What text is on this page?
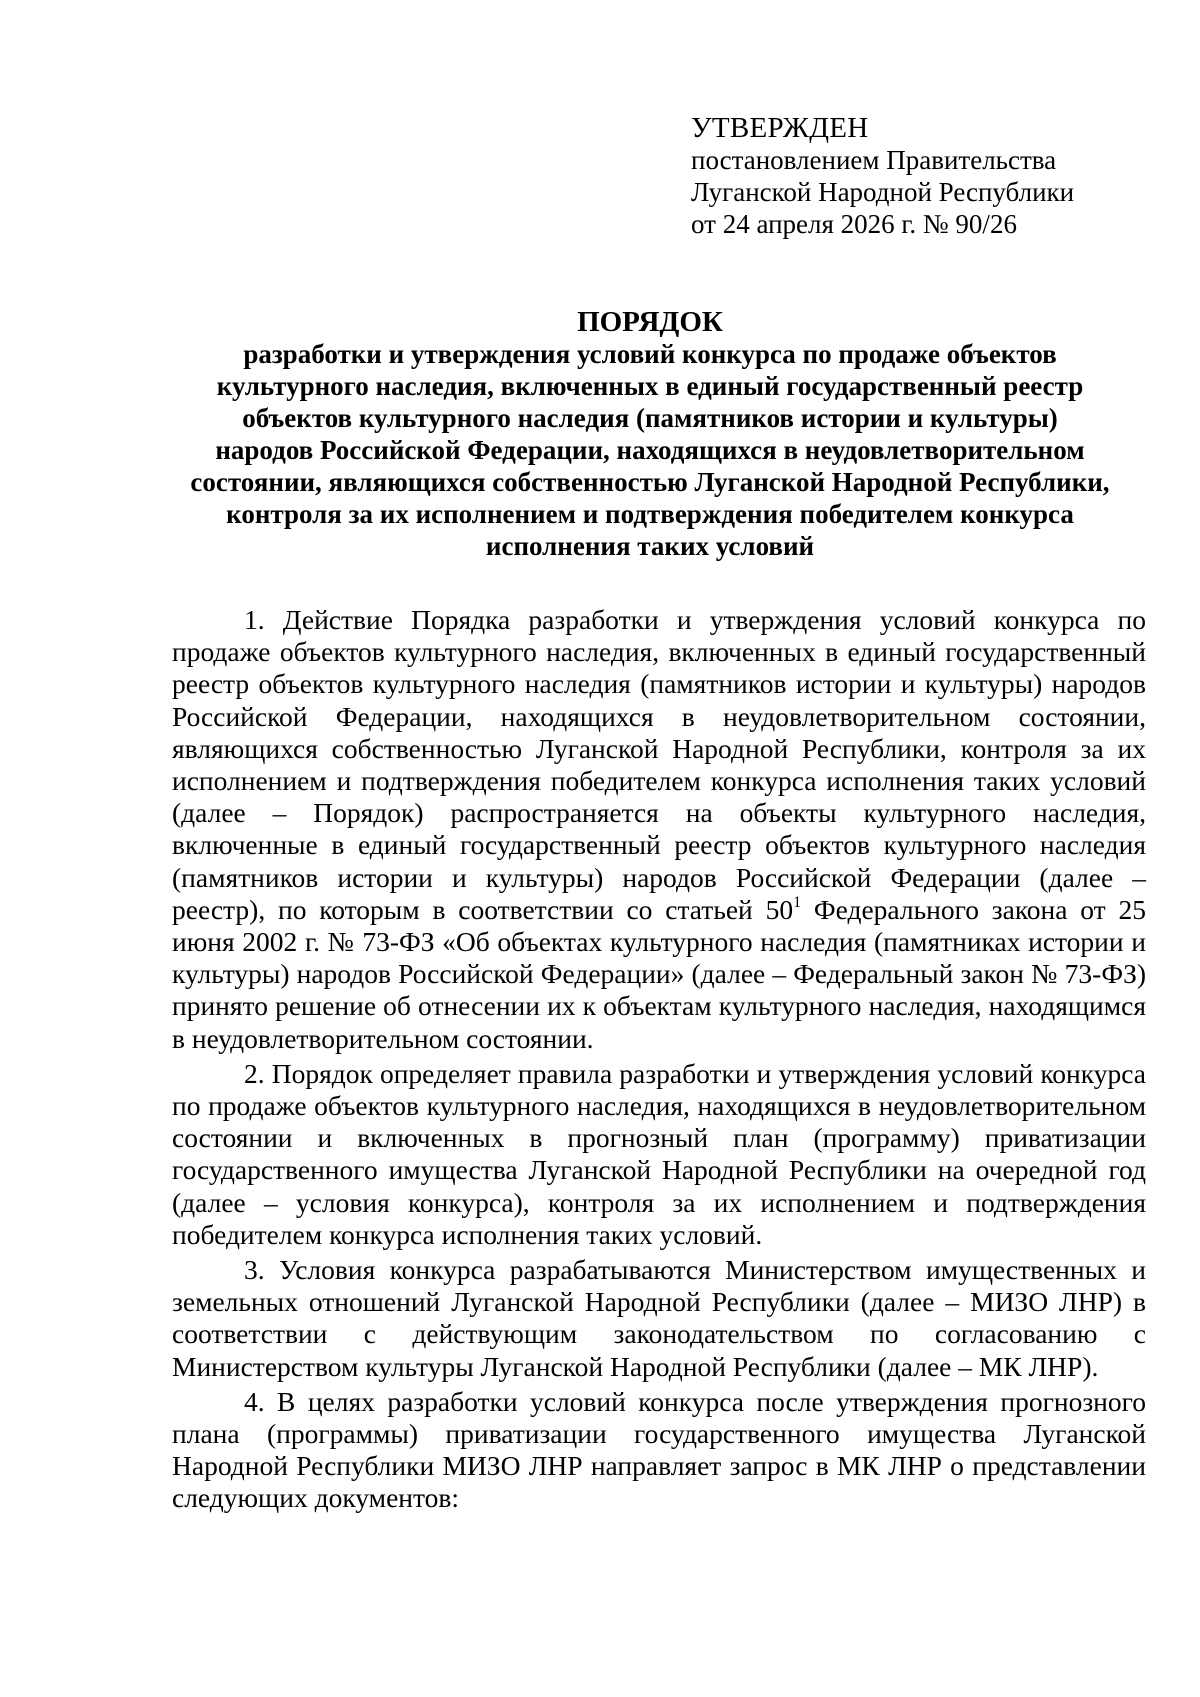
УТВЕРЖДЕН
постановлением Правительства
Луганской Народной Республики
от 24 апреля 2026 г. № 90/26
ПОРЯДОК
разработки и утверждения условий конкурса по продаже объектов
культурного наследия, включенных в единый государственный реестр
объектов культурного наследия (памятников истории и культуры)
народов Российской Федерации, находящихся в неудовлетворительном
состоянии, являющихся собственностью Луганской Народной Республики,
контроля за их исполнением и подтверждения победителем конкурса
исполнения таких условий

1. Действие Порядка разработки и утверждения условий конкурса по продаже объектов культурного наследия, включенных в единый государственный реестр объектов культурного наследия (памятников истории и культуры) народов Российской Федерации, находящихся в неудовлетворительном состоянии, являющихся собственностью Луганской Народной Республики, контроля за их исполнением и подтверждения победителем конкурса исполнения таких условий (далее – Порядок) распространяется на объекты культурного наследия, включенные в единый государственный реестр объектов культурного наследия (памятников истории и культуры) народов Российской Федерации (далее – реестр), по которым в соответствии со статьей $50^1$ Федерального закона от 25 июня 2002 г. № 73-ФЗ «Об объектах культурного наследия (памятниках истории и культуры) народов Российской Федерации» (далее – Федеральный закон № 73-ФЗ) принято решение об отнесении их к объектам культурного наследия, находящимся в неудовлетворительном состоянии.

2. Порядок определяет правила разработки и утверждения условий конкурса по продаже объектов культурного наследия, находящихся в неудовлетворительном состоянии и включенных в прогнозный план (программу) приватизации государственного имущества Луганской Народной Республики на очередной год (далее – условия конкурса), контроля за их исполнением и подтверждения победителем конкурса исполнения таких условий.

3. Условия конкурса разрабатываются Министерством имущественных и земельных отношений Луганской Народной Республики (далее – МИЗО ЛНР) в соответствии с действующим законодательством по согласованию с Министерством культуры Луганской Народной Республики (далее – МК ЛНР).

4. В целях разработки условий конкурса после утверждения прогнозного плана (программы) приватизации государственного имущества Луганской Народной Республики МИЗО ЛНР направляет запрос в МК ЛНР о представлении следующих документов:
